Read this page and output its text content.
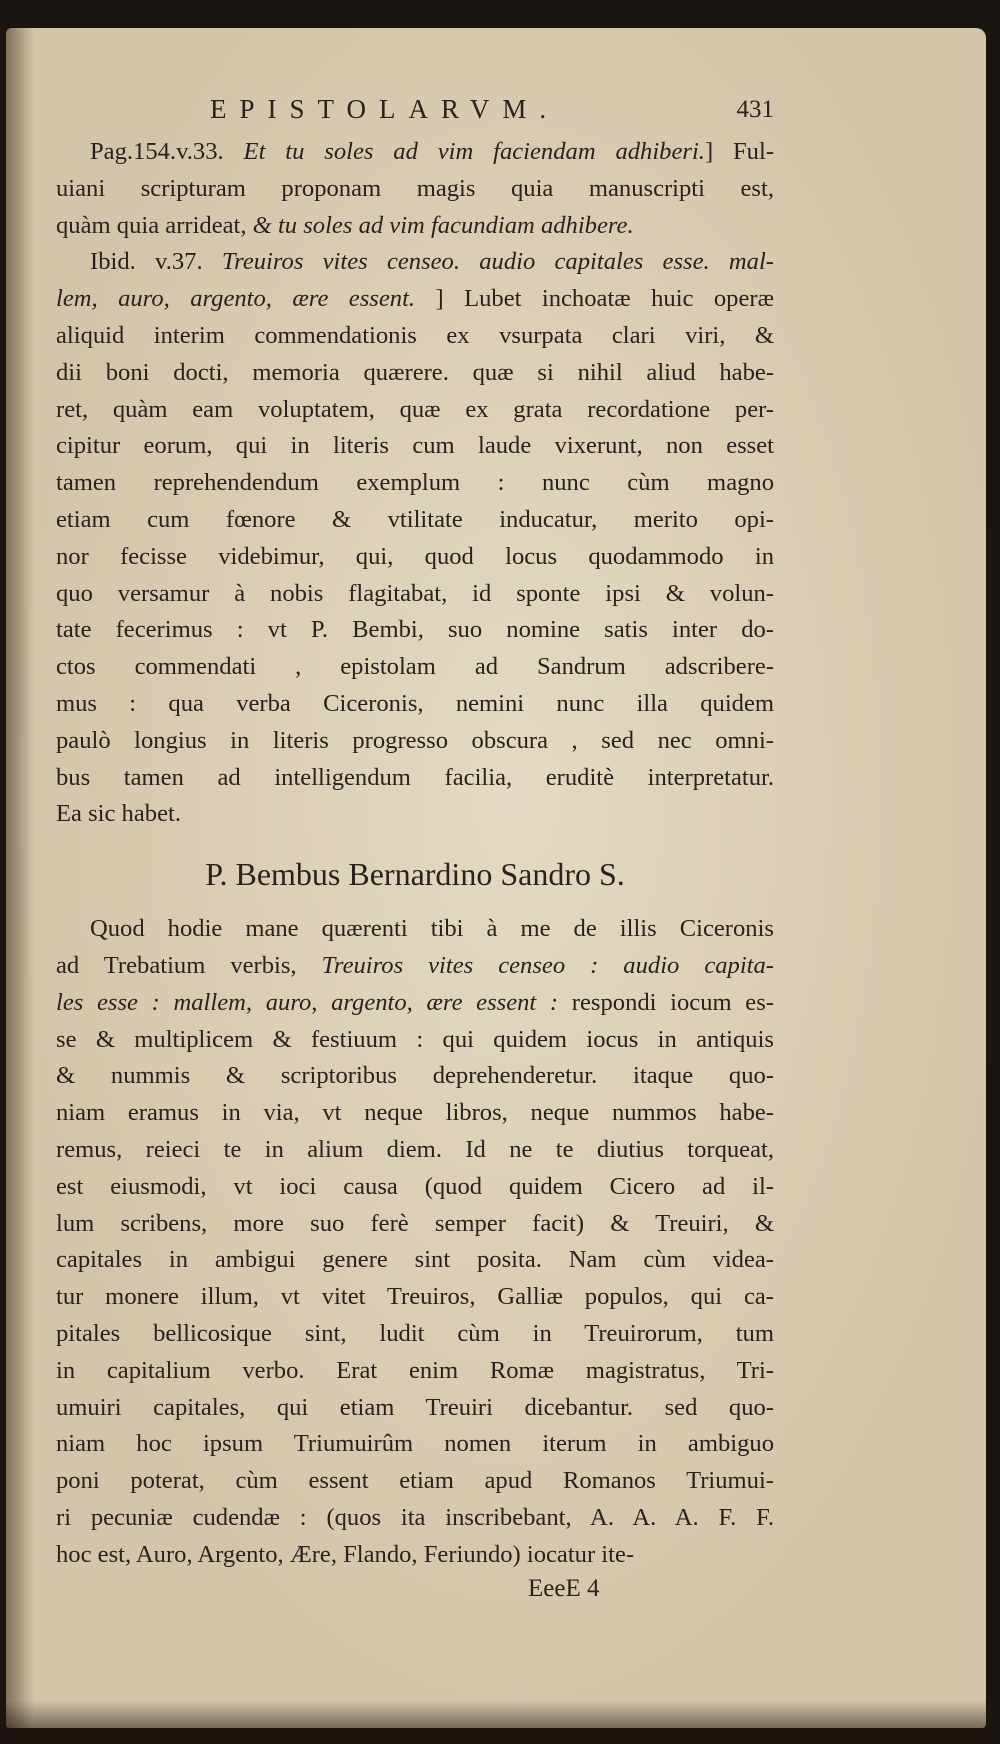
EPISTOLARVM.	431
Pag.154.v.33. Et tu soles ad vim faciendam adhiberi.] Ful-
uiani scripturam proponam magis quia manuscripti est,
quàm quia arrideat, & tu soles ad vim facundiam adhibere.
Ibid. v.37. Treuiros vites censeo. audio capitales esse. mal-
lem, auro, argento, ære essent. ] Lubet inchoatæ huic operæ
aliquid interim commendationis ex vsurpata clari viri, &
dii boni docti, memoria quærere. quæ si nihil aliud habe-
ret, quàm eam voluptatem, quæ ex grata recordatione per-
cipitur eorum, qui in literis cum laude vixerunt, non esset
tamen reprehendendum exemplum : nunc cùm magno
etiam cum fœnore & vtilitate inducatur, merito opi-
nor fecisse videbimur, qui, quod locus quodammodo in
quo versamur à nobis flagitabat, id sponte ipsi & volun-
tate fecerimus : vt P. Bembi, suo nomine satis inter do-
ctos commendati , epistolam ad Sandrum adscribere-
mus : qua verba Ciceronis, nemini nunc illa quidem
paulò longius in literis progresso obscura , sed nec omni-
bus tamen ad intelligendum facilia, eruditè interpretatur.
Ea sic habet.
P. Bembus Bernardino Sandro S.
Quod hodie mane quærenti tibi à me de illis Ciceronis
ad Trebatium verbis, Treuiros vites censeo : audio capita-
les esse : mallem, auro, argento, ære essent : respondi iocum es-
se & multiplicem & festiuum : qui quidem iocus in antiquis
& nummis & scriptoribus deprehenderetur. itaque quo-
niam eramus in via, vt neque libros, neque nummos habe-
remus, reieci te in alium diem. Id ne te diutius torqueat,
est eiusmodi, vt ioci causa (quod quidem Cicero ad il-
lum scribens, more suo ferè semper facit) & Treuiri, &
capitales in ambigui genere sint posita. Nam cùm videa-
tur monere illum, vt vitet Treuiros, Galliæ populos, qui ca-
pitales bellicosique sint, ludit cùm in Treuirorum, tum
in capitalium verbo. Erat enim Romæ magistratus, Tri-
umuiri capitales, qui etiam Treuiri dicebantur. sed quo-
niam hoc ipsum Triumuirûm nomen iterum in ambiguo
poni poterat, cùm essent etiam apud Romanos Triumui-
ri pecuniæ cudendæ : (quos ita inscribebant, A. A. A. F. F.
hoc est, Auro, Argento, Ære, Flando, Feriundo) iocatur ite-
EeeE 4
